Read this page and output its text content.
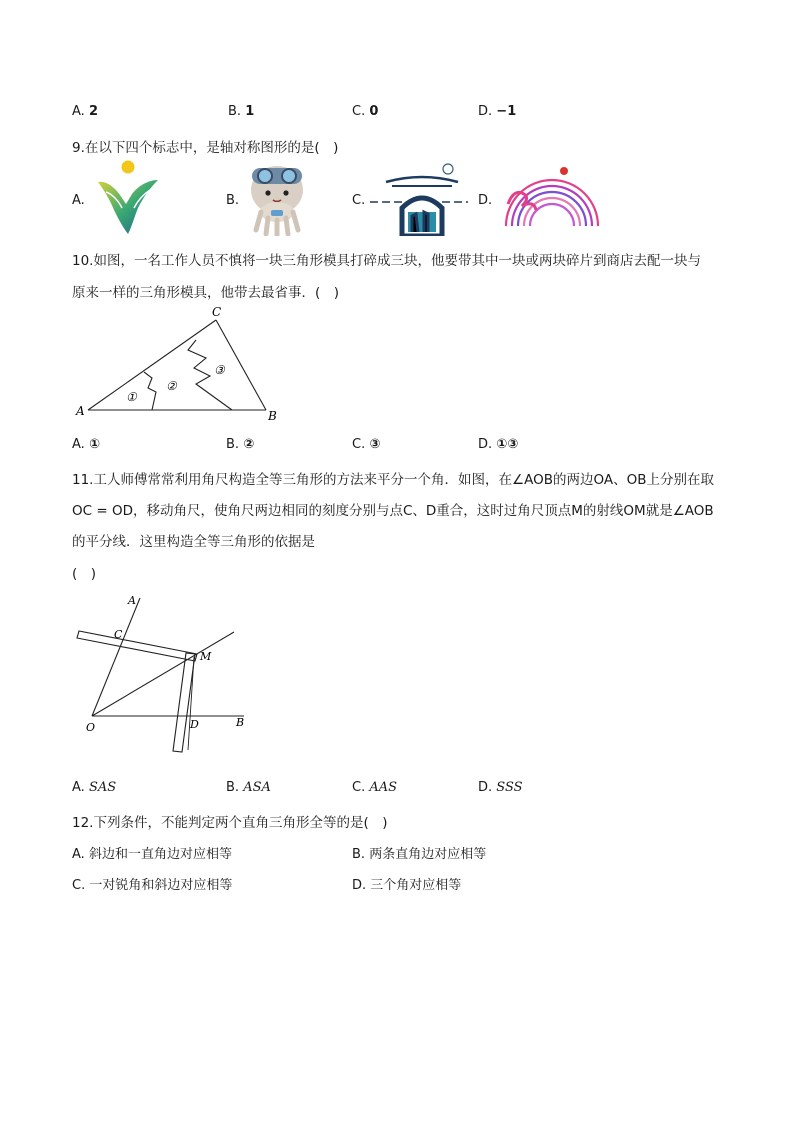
A. 2	B. 1	C. 0	D. −1
9.在以下四个标志中，是轴对称图形的是(　)
A.	B.	C.	D.
10.如图，一名工作人员不慎将一块三角形模具打碎成三块，他要带其中一块或两块碎片到商店去配一块与
原来一样的三角形模具，他带去最省事．(　)
A	B
C
①
②
③
A. ①	B. ②	C. ③	D. ①③
11.工人师傅常常利用角尺构造全等三角形的方法来平分一个角．如图，在∠AOB的两边OA、OB上分别在取
OC = OD，移动角尺，使角尺两边相同的刻度分别与点C、D重合，这时过角尺顶点M的射线OM就是∠AOB
的平分线．这里构造全等三角形的依据是
(　)
A
B
C
D
M
O
A. SAS	B. ASA	C. AAS	D. SSS
12.下列条件，不能判定两个直角三角形全等的是(　)
A. 斜边和一直角边对应相等	B. 两条直角边对应相等
C. 一对锐角和斜边对应相等	D. 三个角对应相等
